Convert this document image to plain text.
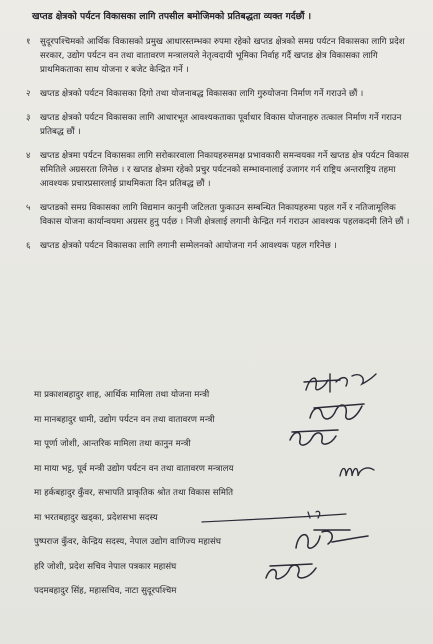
खप्तड क्षेत्रको पर्यटन विकासका लागि तपसील बमोजिमको प्रतिबद्धता व्यक्त गर्दछौं ।
१	सुदूरपश्चिमको आर्थिक विकासको प्रमुख आधारस्तम्भका रुपमा रहेको खप्तड क्षेत्रको समग्र पर्यटन विकासका लागि प्रदेश सरकार, उद्योग पर्यटन वन तथा वातावरण मन्त्रालयले नेतृत्वदायी भूमिका निर्वाह गर्दै खप्तड क्षेत्र विकासका लागि प्राथमिकताका साथ योजना र बजेट केन्द्रित गर्ने ।
२	खप्तड क्षेत्रको पर्यटन विकासका दिगो तथा योजनाबद्ध विकासका लागि गुरुयोजना निर्माण गर्ने गराउने छौं ।
३	खप्तड क्षेत्रको पर्यटन विकासका लागि आधारभूत आवश्यकताका पूर्वाधार विकास योजनाहरु तत्काल निर्माण गर्ने गराउन प्रतिबद्ध छौं ।
४	खप्तड क्षेत्रमा पर्यटन विकासका लागि सरोकारवाला निकायहरुसमक्ष प्रभावकारी समन्वयका गर्ने खप्तड क्षेत्र पर्यटन विकास समितिले अग्रसरता लिनेछ । र खप्तड क्षेत्रमा रहेको प्रचुर पर्यटनको सम्भावनालाई उजागर गर्न राष्ट्रिय अन्तराष्ट्रिय तहमा आवश्यक प्रचारप्रसारलाई प्राथमिकता दिन प्रतिबद्ध छौं ।
५	खप्तडको समग्र विकासका लागि विद्यमान कानुनी जटिलता फुकाउन सम्बन्धित निकायहरुमा पहल गर्ने र नतिजामूलिक विकास योजना कार्यान्वयमा अग्रसर हुनु पर्दछ । निजी क्षेत्रलाई लगानी केन्द्रित गर्न गराउन आवश्यक पहलकदमी लिने छौं ।
६	खप्तड क्षेत्रको पर्यटन विकासका लागि लगानी सम्मेलनको आयोजना गर्न आवश्यक पहल गरिनेछ ।
मा प्रकाशबहादुर शाह, आर्थिक मामिला तथा योजना मन्त्री
मा मानबहादुर धामी, उद्योग पर्यटन वन तथा वातावरण मन्त्री
मा पूर्णा जोशी, आन्तरिक मामिला तथा कानुन मन्त्री
मा माया भट्ट, पूर्व मन्त्री उद्योग पर्यटन वन तथा वातावरण मन्त्रालय
मा हर्कबहादुर कुँवर, सभापति प्राकृतिक श्रोत तथा विकास समिति
मा भरतबहादुर खड्का, प्रदेशसभा सदस्य
पुष्पराज कुँवर, केन्द्रिय सदस्य, नेपाल उद्योग वाणिज्य महासंघ
हरि जोशी, प्रदेश सचिव नेपाल पत्रकार महासंघ
पदमबहादुर सिंह, महासचिव, नाटा सुदूरपश्चिम
